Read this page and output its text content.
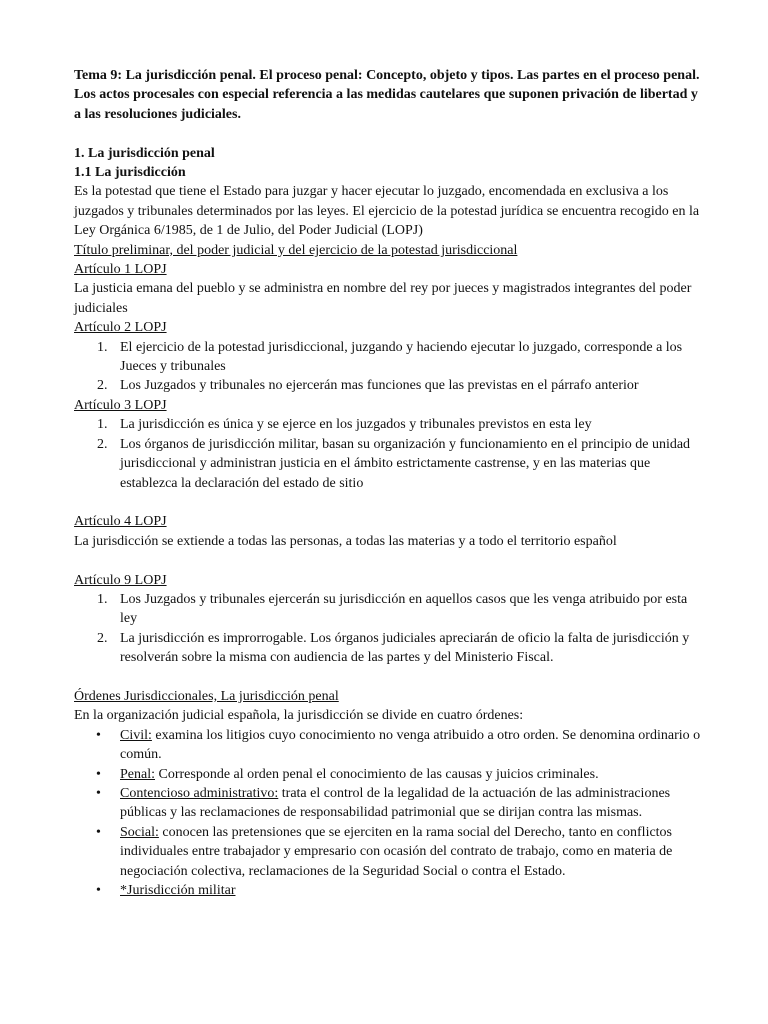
Tema 9: La jurisdicción penal. El proceso penal: Concepto, objeto y tipos. Las partes en el proceso penal. Los actos procesales con especial referencia a las medidas cautelares que suponen privación de libertad y a las resoluciones judiciales.

1. La jurisdicción penal

1.1 La jurisdicción

Es la potestad que tiene el Estado para juzgar y hacer ejecutar lo juzgado, encomendada en exclusiva a los juzgados y tribunales determinados por las leyes. El ejercicio de la potestad jurídica se encuentra recogido en la Ley Orgánica 6/1985, de 1 de Julio, del Poder Judicial (LOPJ)

Título preliminar, del poder judicial y del ejercicio de la potestad jurisdiccional

Artículo 1 LOPJ

La justicia emana del pueblo y se administra en nombre del rey por jueces y magistrados integrantes del poder judiciales

Artículo 2 LOPJ

1. El ejercicio de la potestad jurisdiccional, juzgando y haciendo ejecutar lo juzgado, corresponde a los Jueces y tribunales
2. Los Juzgados y tribunales no ejercerán mas funciones que las previstas en el párrafo anterior

Artículo 3 LOPJ

1. La jurisdicción es única y se ejerce en los juzgados y tribunales previstos en esta ley
2. Los órganos de jurisdicción militar, basan su organización y funcionamiento en el principio de unidad jurisdiccional y administran justicia en el ámbito estrictamente castrense, y en las materias que establezca la declaración del estado de sitio

Artículo 4 LOPJ

La jurisdicción se extiende a todas las personas, a todas las materias y a todo el territorio español

Artículo 9 LOPJ

1. Los Juzgados y tribunales ejercerán su jurisdicción en aquellos casos que les venga atribuido por esta ley
2. La jurisdicción es improrrogable. Los órganos judiciales apreciarán de oficio la falta de jurisdicción y resolverán sobre la misma con audiencia de las partes y del Ministerio Fiscal.

Órdenes Jurisdiccionales, La jurisdicción penal

En la organización judicial española, la jurisdicción se divide en cuatro órdenes:

• Civil: examina los litigios cuyo conocimiento no venga atribuido a otro orden. Se denomina ordinario o común.
• Penal: Corresponde al orden penal el conocimiento de las causas y juicios criminales.
• Contencioso administrativo: trata el control de la legalidad de la actuación de las administraciones públicas y las reclamaciones de responsabilidad patrimonial que se dirijan contra las mismas.
• Social: conocen las pretensiones que se ejerciten en la rama social del Derecho, tanto en conflictos individuales entre trabajador y empresario con ocasión del contrato de trabajo, como en materia de negociación colectiva, reclamaciones de la Seguridad Social o contra el Estado.
• *Jurisdicción militar
